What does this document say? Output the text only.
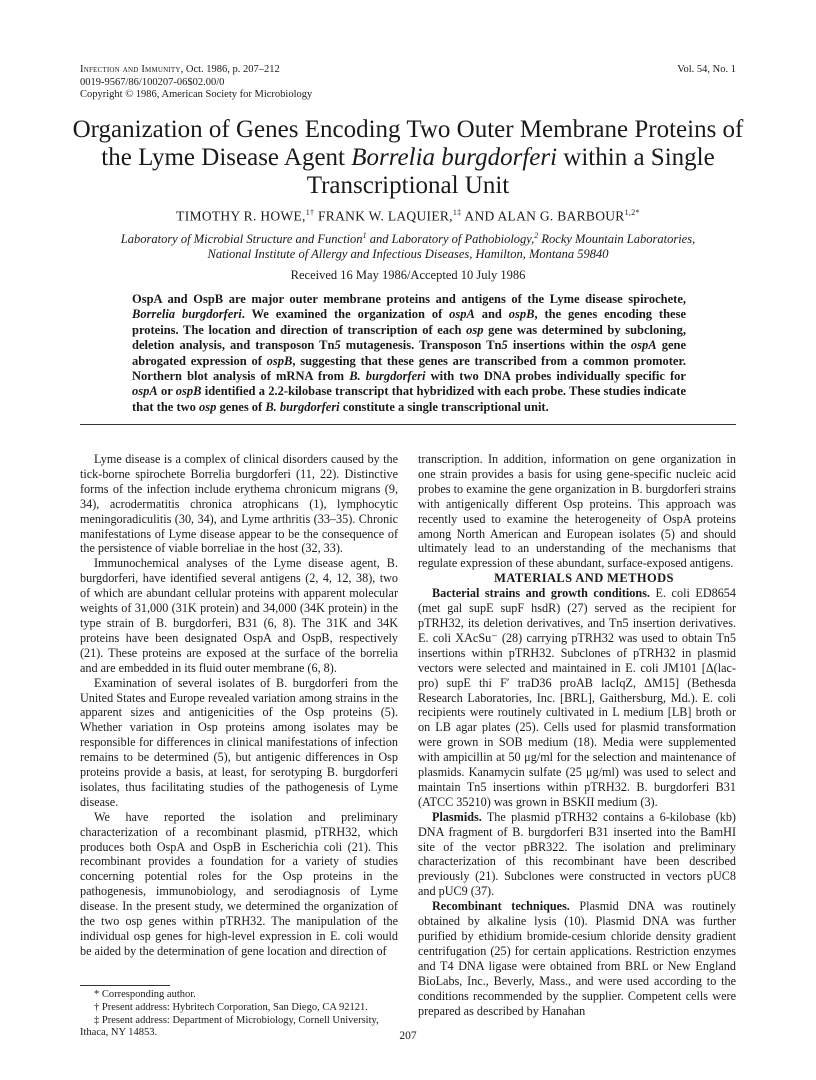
Infection and Immunity, Oct. 1986, p. 207–212
0019-9567/86/100207-06$02.00/0
Copyright © 1986, American Society for Microbiology
Vol. 54, No. 1
Organization of Genes Encoding Two Outer Membrane Proteins of
the Lyme Disease Agent Borrelia burgdorferi within a Single
Transcriptional Unit
TIMOTHY R. HOWE,$^{1\dagger}$ FRANK W. LAQUIER,$^{1\ddagger}$ AND ALAN G. $BARBOUR^{1,2*}$
Laboratory of Microbial Structure and Function$^1$ and Laboratory of Pathobiology,$^2$ Rocky Mountain Laboratories,
National Institute of Allergy and Infectious Diseases, Hamilton, Montana 59840
Received 16 May 1986/Accepted 10 July 1986
OspA and OspB are major outer membrane proteins and antigens of the Lyme disease spirochete, Borrelia burgdorferi. We examined the organization of ospA and ospB, the genes encoding these proteins. The location and direction of transcription of each osp gene was determined by subcloning, deletion analysis, and transposon Tn5 mutagenesis. Transposon Tn5 insertions within the ospA gene abrogated expression of ospB, suggesting that these genes are transcribed from a common promoter. Northern blot analysis of mRNA from B. burgdorferi with two DNA probes individually specific for ospA or ospB identified a 2.2-kilobase transcript that hybridized with each probe. These studies indicate that the two osp genes of B. burgdorferi constitute a single transcriptional unit.

Lyme disease is a complex of clinical disorders caused by the tick-borne spirochete Borrelia burgdorferi (11, 22). Distinctive forms of the infection include erythema chronicum migrans (9, 34), acrodermatitis chronica atrophicans (1), lymphocytic meningoradiculitis (30, 34), and Lyme arthritis (33–35). Chronic manifestations of Lyme disease appear to be the consequence of the persistence of viable borreliae in the host (32, 33).

Immunochemical analyses of the Lyme disease agent, B. burgdorferi, have identified several antigens (2, 4, 12, 38), two of which are abundant cellular proteins with apparent molecular weights of 31,000 (31K protein) and 34,000 (34K protein) in the type strain of B. burgdorferi, B31 (6, 8). The 31K and 34K proteins have been designated OspA and OspB, respectively (21). These proteins are exposed at the surface of the borrelia and are embedded in its fluid outer membrane (6, 8).

Examination of several isolates of B. burgdorferi from the United States and Europe revealed variation among strains in the apparent sizes and antigenicities of the Osp proteins (5). Whether variation in Osp proteins among isolates may be responsible for differences in clinical manifestations of infection remains to be determined (5), but antigenic differences in Osp proteins provide a basis, at least, for serotyping B. burgdorferi isolates, thus facilitating studies of the pathogenesis of Lyme disease.

We have reported the isolation and preliminary characterization of a recombinant plasmid, pTRH32, which produces both OspA and OspB in Escherichia coli (21). This recombinant provides a foundation for a variety of studies concerning potential roles for the Osp proteins in the pathogenesis, immunobiology, and serodiagnosis of Lyme disease. In the present study, we determined the organization of the two osp genes within pTRH32. The manipulation of the individual osp genes for high-level expression in E. coli would be aided by the determination of gene location and direction of

* Corresponding author.
† Present address: Hybritech Corporation, San Diego, CA 92121.
‡ Present address: Department of Microbiology, Cornell University, Ithaca, NY 14853.

transcription. In addition, information on gene organization in one strain provides a basis for using gene-specific nucleic acid probes to examine the gene organization in B. burgdorferi strains with antigenically different Osp proteins. This approach was recently used to examine the heterogeneity of OspA proteins among North American and European isolates (5) and should ultimately lead to an understanding of the mechanisms that regulate expression of these abundant, surface-exposed antigens.

MATERIALS AND METHODS

Bacterial strains and growth conditions. E. coli ED8654 (met gal supE supF hsdR) (27) served as the recipient for pTRH32, its deletion derivatives, and Tn5 insertion derivatives. E. coli XAcSu⁻ (28) carrying pTRH32 was used to obtain Tn5 insertions within pTRH32. Subclones of pTRH32 in plasmid vectors were selected and maintained in E. coli JM101 [Δ(lac-pro) supE thi F′ traD36 proAB lacIqZ, ΔM15] (Bethesda Research Laboratories, Inc. [BRL], Gaithersburg, Md.). E. coli recipients were routinely cultivated in L medium [LB] broth or on LB agar plates (25). Cells used for plasmid transformation were grown in SOB medium (18). Media were supplemented with ampicillin at 50 μg/ml for the selection and maintenance of plasmids. Kanamycin sulfate (25 μg/ml) was used to select and maintain Tn5 insertions within pTRH32. B. burgdorferi B31 (ATCC 35210) was grown in BSKII medium (3).

Plasmids. The plasmid pTRH32 contains a 6-kilobase (kb) DNA fragment of B. burgdorferi B31 inserted into the BamHI site of the vector pBR322. The isolation and preliminary characterization of this recombinant have been described previously (21). Subclones were constructed in vectors pUC8 and pUC9 (37).

Recombinant techniques. Plasmid DNA was routinely obtained by alkaline lysis (10). Plasmid DNA was further purified by ethidium bromide-cesium chloride density gradient centrifugation (25) for certain applications. Restriction enzymes and T4 DNA ligase were obtained from BRL or New England BioLabs, Inc., Beverly, Mass., and were used according to the conditions recommended by the supplier. Competent cells were prepared as described by Hanahan

207
